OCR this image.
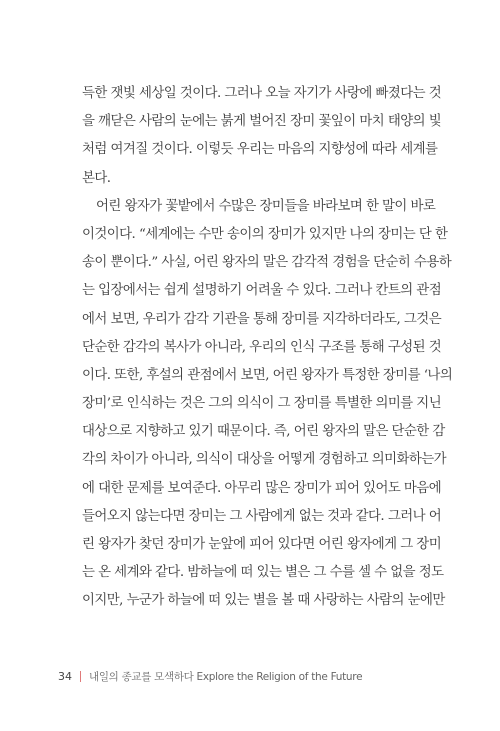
득한 잿빛 세상일 것이다. 그러나 오늘 자기가 사랑에 빠졌다는 것
을 깨닫은 사람의 눈에는 붉게 벌어진 장미 꽃잎이 마치 태양의 빛
처럼 여겨질 것이다. 이렇듯 우리는 마음의 지향성에 따라 세계를
본다.
어린 왕자가 꽃밭에서 수많은 장미들을 바라보며 한 말이 바로
이것이다. “세계에는 수만 송이의 장미가 있지만 나의 장미는 단 한
송이 뿐이다.” 사실, 어린 왕자의 말은 감각적 경험을 단순히 수용하
는 입장에서는 쉽게 설명하기 어려울 수 있다. 그러나 칸트의 관점
에서 보면, 우리가 감각 기관을 통해 장미를 지각하더라도, 그것은
단순한 감각의 복사가 아니라, 우리의 인식 구조를 통해 구성된 것
이다. 또한, 후설의 관점에서 보면, 어린 왕자가 특정한 장미를 ‘나의
장미’로 인식하는 것은 그의 의식이 그 장미를 특별한 의미를 지닌
대상으로 지향하고 있기 때문이다. 즉, 어린 왕자의 말은 단순한 감
각의 차이가 아니라, 의식이 대상을 어떻게 경험하고 의미화하는가
에 대한 문제를 보여준다. 아무리 많은 장미가 피어 있어도 마음에
들어오지 않는다면 장미는 그 사람에게 없는 것과 같다. 그러나 어
린 왕자가 찾던 장미가 눈앞에 피어 있다면 어린 왕자에게 그 장미
는 온 세계와 같다. 밤하늘에 떠 있는 별은 그 수를 셀 수 없을 정도
이지만, 누군가 하늘에 떠 있는 별을 볼 때 사랑하는 사람의 눈에만
34 내일의 종교를 모색하다 Explore the Religion of the Future
